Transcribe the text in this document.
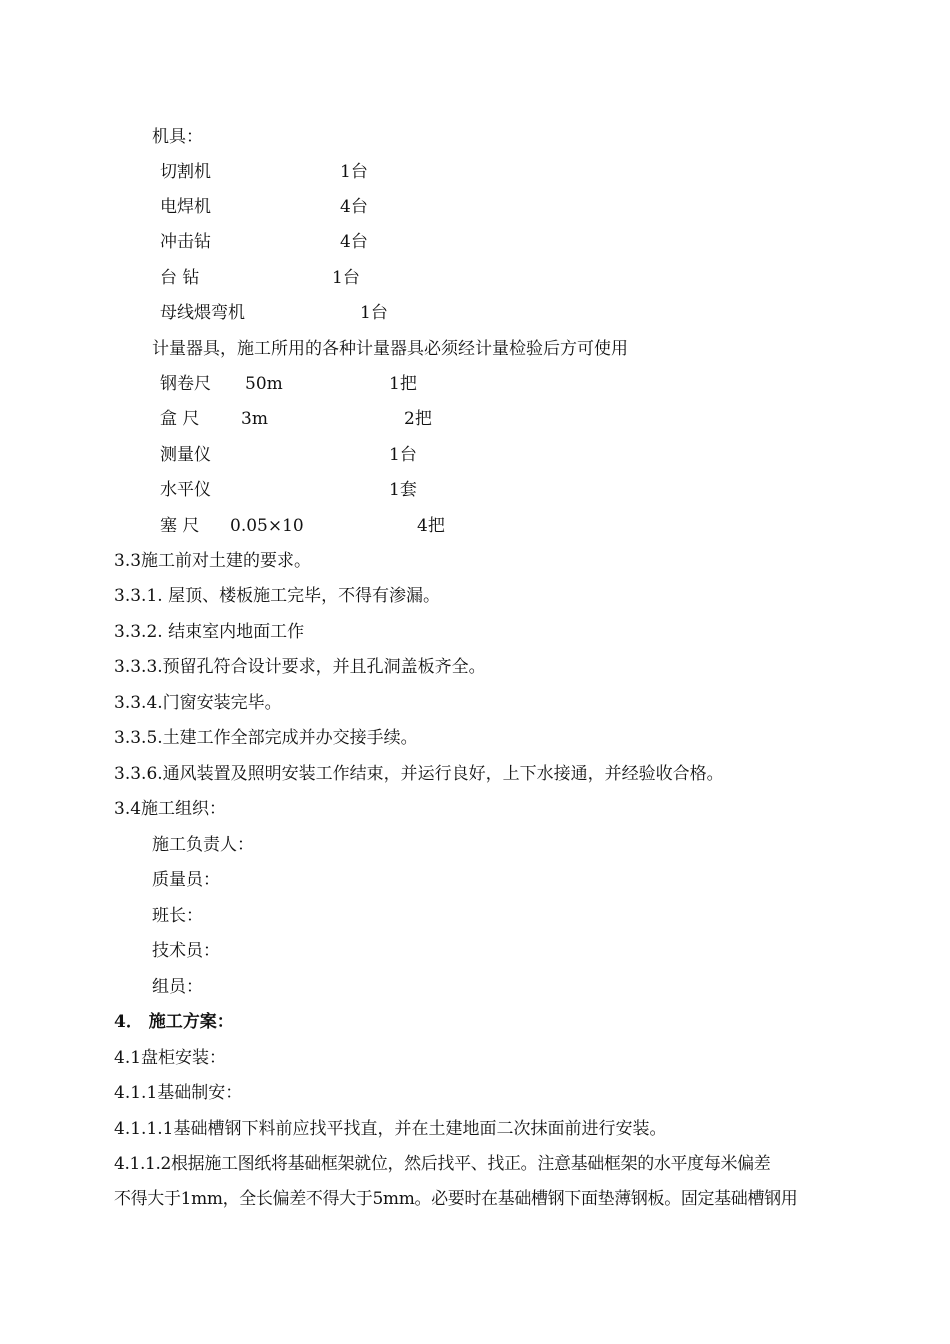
机具：
切割机	1台
电焊机	4台
冲击钻	4台
台 钻	1台
母线煨弯机	1台
计量器具，施工所用的各种计量器具必须经计量检验后方可使用
钢卷尺 50m	1把
盒 尺 3m	2把
测量仪	1台
水平仪	1套
塞 尺 0.05×10	4把
3.3施工前对土建的要求。
3.3.1. 屋顶、楼板施工完毕，不得有渗漏。
3.3.2. 结束室内地面工作
3.3.3.预留孔符合设计要求，并且孔洞盖板齐全。
3.3.4.门窗安装完毕。
3.3.5.土建工作全部完成并办交接手续。
3.3.6.通风装置及照明安装工作结束，并运行良好，上下水接通，并经验收合格。
3.4施工组织：
施工负责人：
质量员：
班长：
技术员：
组员：
4． 施工方案：
4.1盘柜安装：
4.1.1基础制安：
4.1.1.1基础槽钢下料前应找平找直，并在土建地面二次抹面前进行安装。
4.1.1.2根据施工图纸将基础框架就位，然后找平、找正。注意基础框架的水平度每米偏差
不得大于1mm，全长偏差不得大于5mm。必要时在基础槽钢下面垫薄钢板。固定基础槽钢用
